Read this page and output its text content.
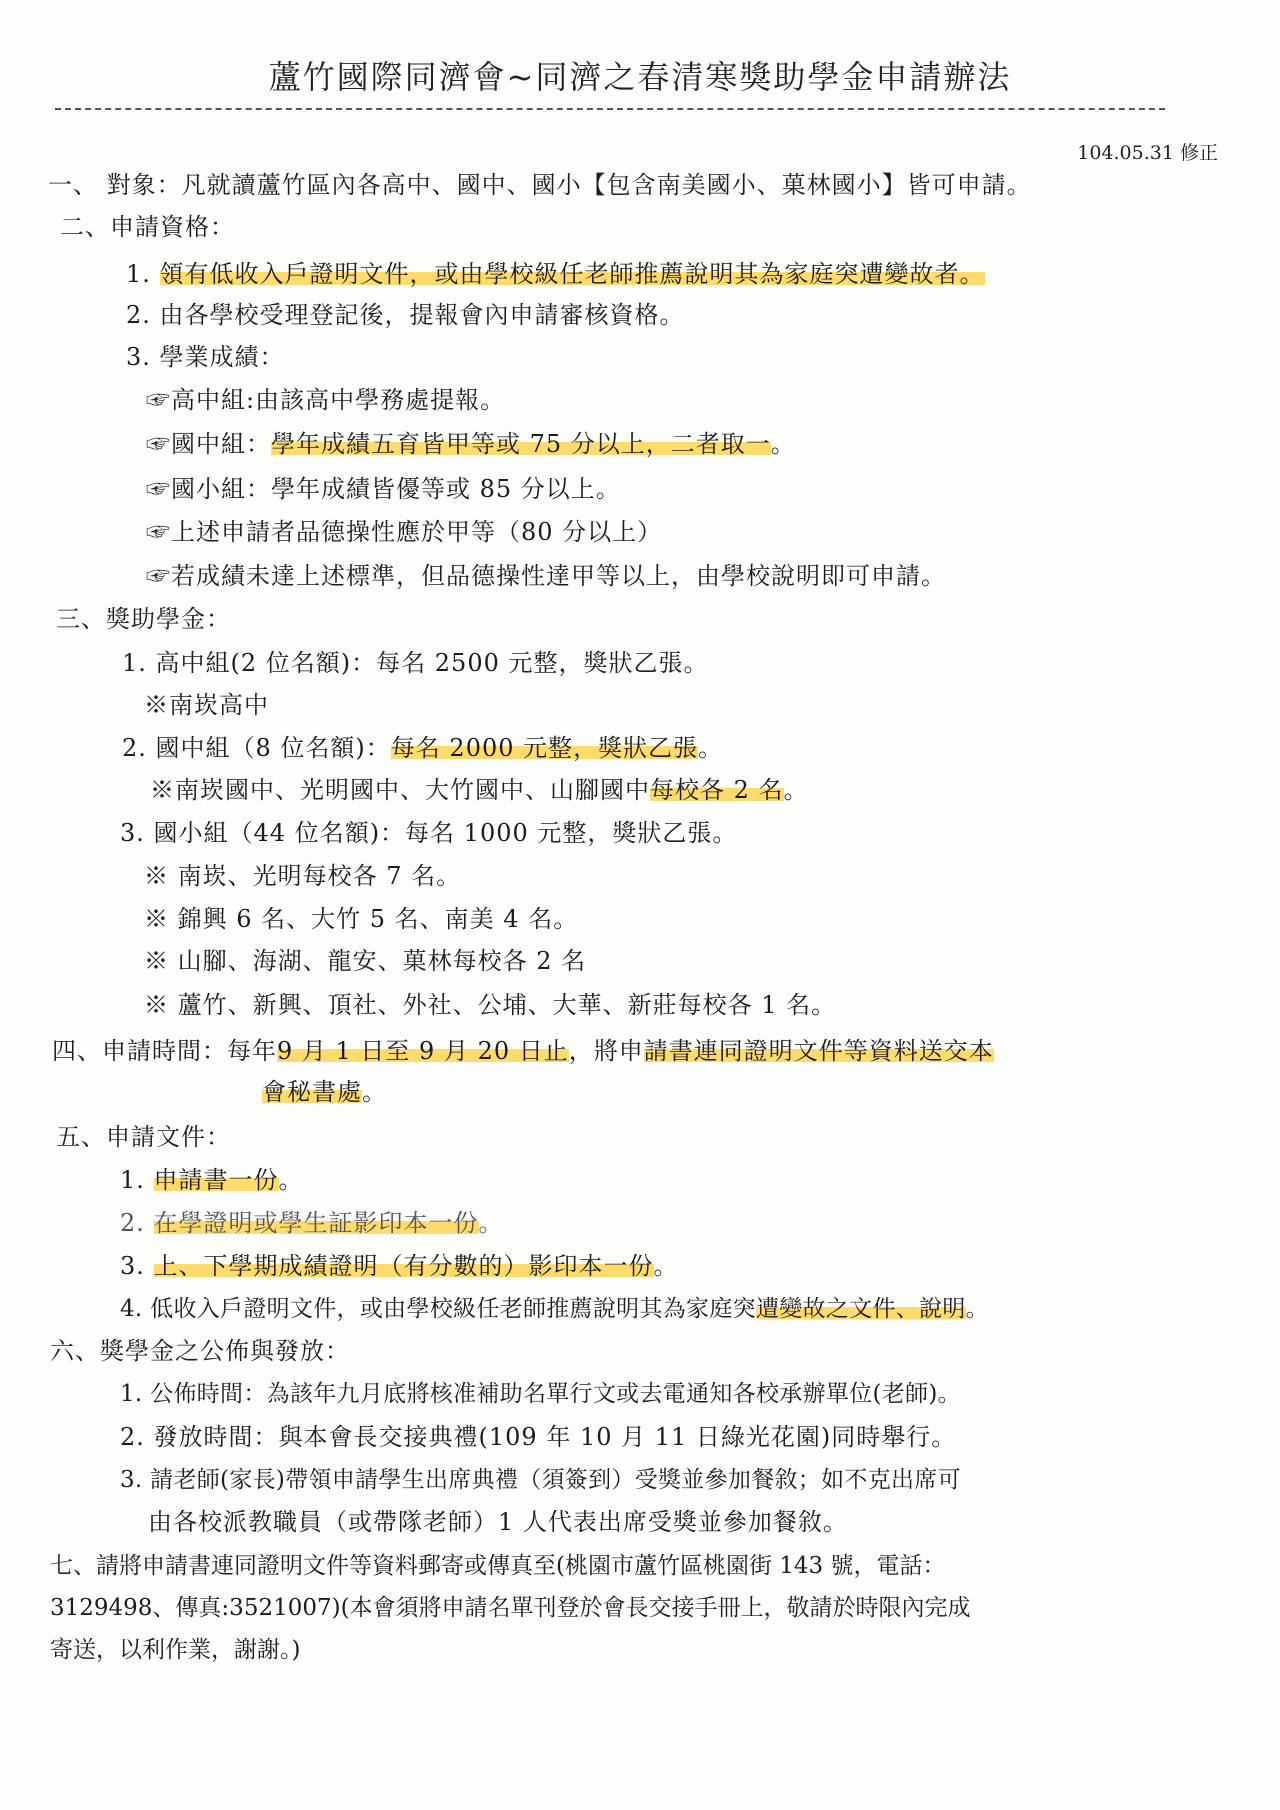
蘆竹國際同濟會~同濟之春清寒獎助學金申請辦法
104.05.31 修正
一、 對象：凡就讀蘆竹區內各高中、國中、國小【包含南美國小、菓林國小】皆可申請。
二、申請資格：
1. 領有低收入戶證明文件，或由學校級任老師推薦說明其為家庭突遭變故者。
2. 由各學校受理登記後，提報會內申請審核資格。
3. 學業成績：
☞高中組:由該高中學務處提報。
☞國中組：學年成績五育皆甲等或 75 分以上，二者取一。
☞國小組：學年成績皆優等或 85 分以上。
☞上述申請者品德操性應於甲等（80 分以上）
☞若成績未達上述標準，但品德操性達甲等以上，由學校說明即可申請。
三、獎助學金：
1. 高中組(2 位名額)：每名 2500 元整，獎狀乙張。
※南崁高中
2. 國中組（8 位名額)：每名 2000 元整，獎狀乙張。
※南崁國中、光明國中、大竹國中、山腳國中每校各 2 名。
3. 國小組（44 位名額)：每名 1000 元整，獎狀乙張。
※ 南崁、光明每校各 7 名。
※ 錦興 6 名、大竹 5 名、南美 4 名。
※ 山腳、海湖、龍安、菓林每校各 2 名
※ 蘆竹、新興、頂社、外社、公埔、大華、新莊每校各 1 名。
四、申請時間：每年9 月 1 日至 9 月 20 日止，將申請書連同證明文件等資料送交本
會秘書處。
五、申請文件：
1. 申請書一份。
2. 在學證明或學生証影印本一份。
3. 上、下學期成績證明（有分數的）影印本一份。
4. 低收入戶證明文件，或由學校級任老師推薦說明其為家庭突遭變故之文件、說明。
六、獎學金之公佈與發放：
1. 公佈時間：為該年九月底將核准補助名單行文或去電通知各校承辦單位(老師)。
2. 發放時間：與本會長交接典禮(109 年 10 月 11 日綠光花園)同時舉行。
3. 請老師(家長)帶領申請學生出席典禮（須簽到）受獎並參加餐敘；如不克出席可
由各校派教職員（或帶隊老師）1 人代表出席受獎並參加餐敘。
七、請將申請書連同證明文件等資料郵寄或傳真至(桃園市蘆竹區桃園街 143 號，電話：
3129498、傳真:3521007)(本會須將申請名單刊登於會長交接手冊上，敬請於時限內完成
寄送，以利作業，謝謝。)
